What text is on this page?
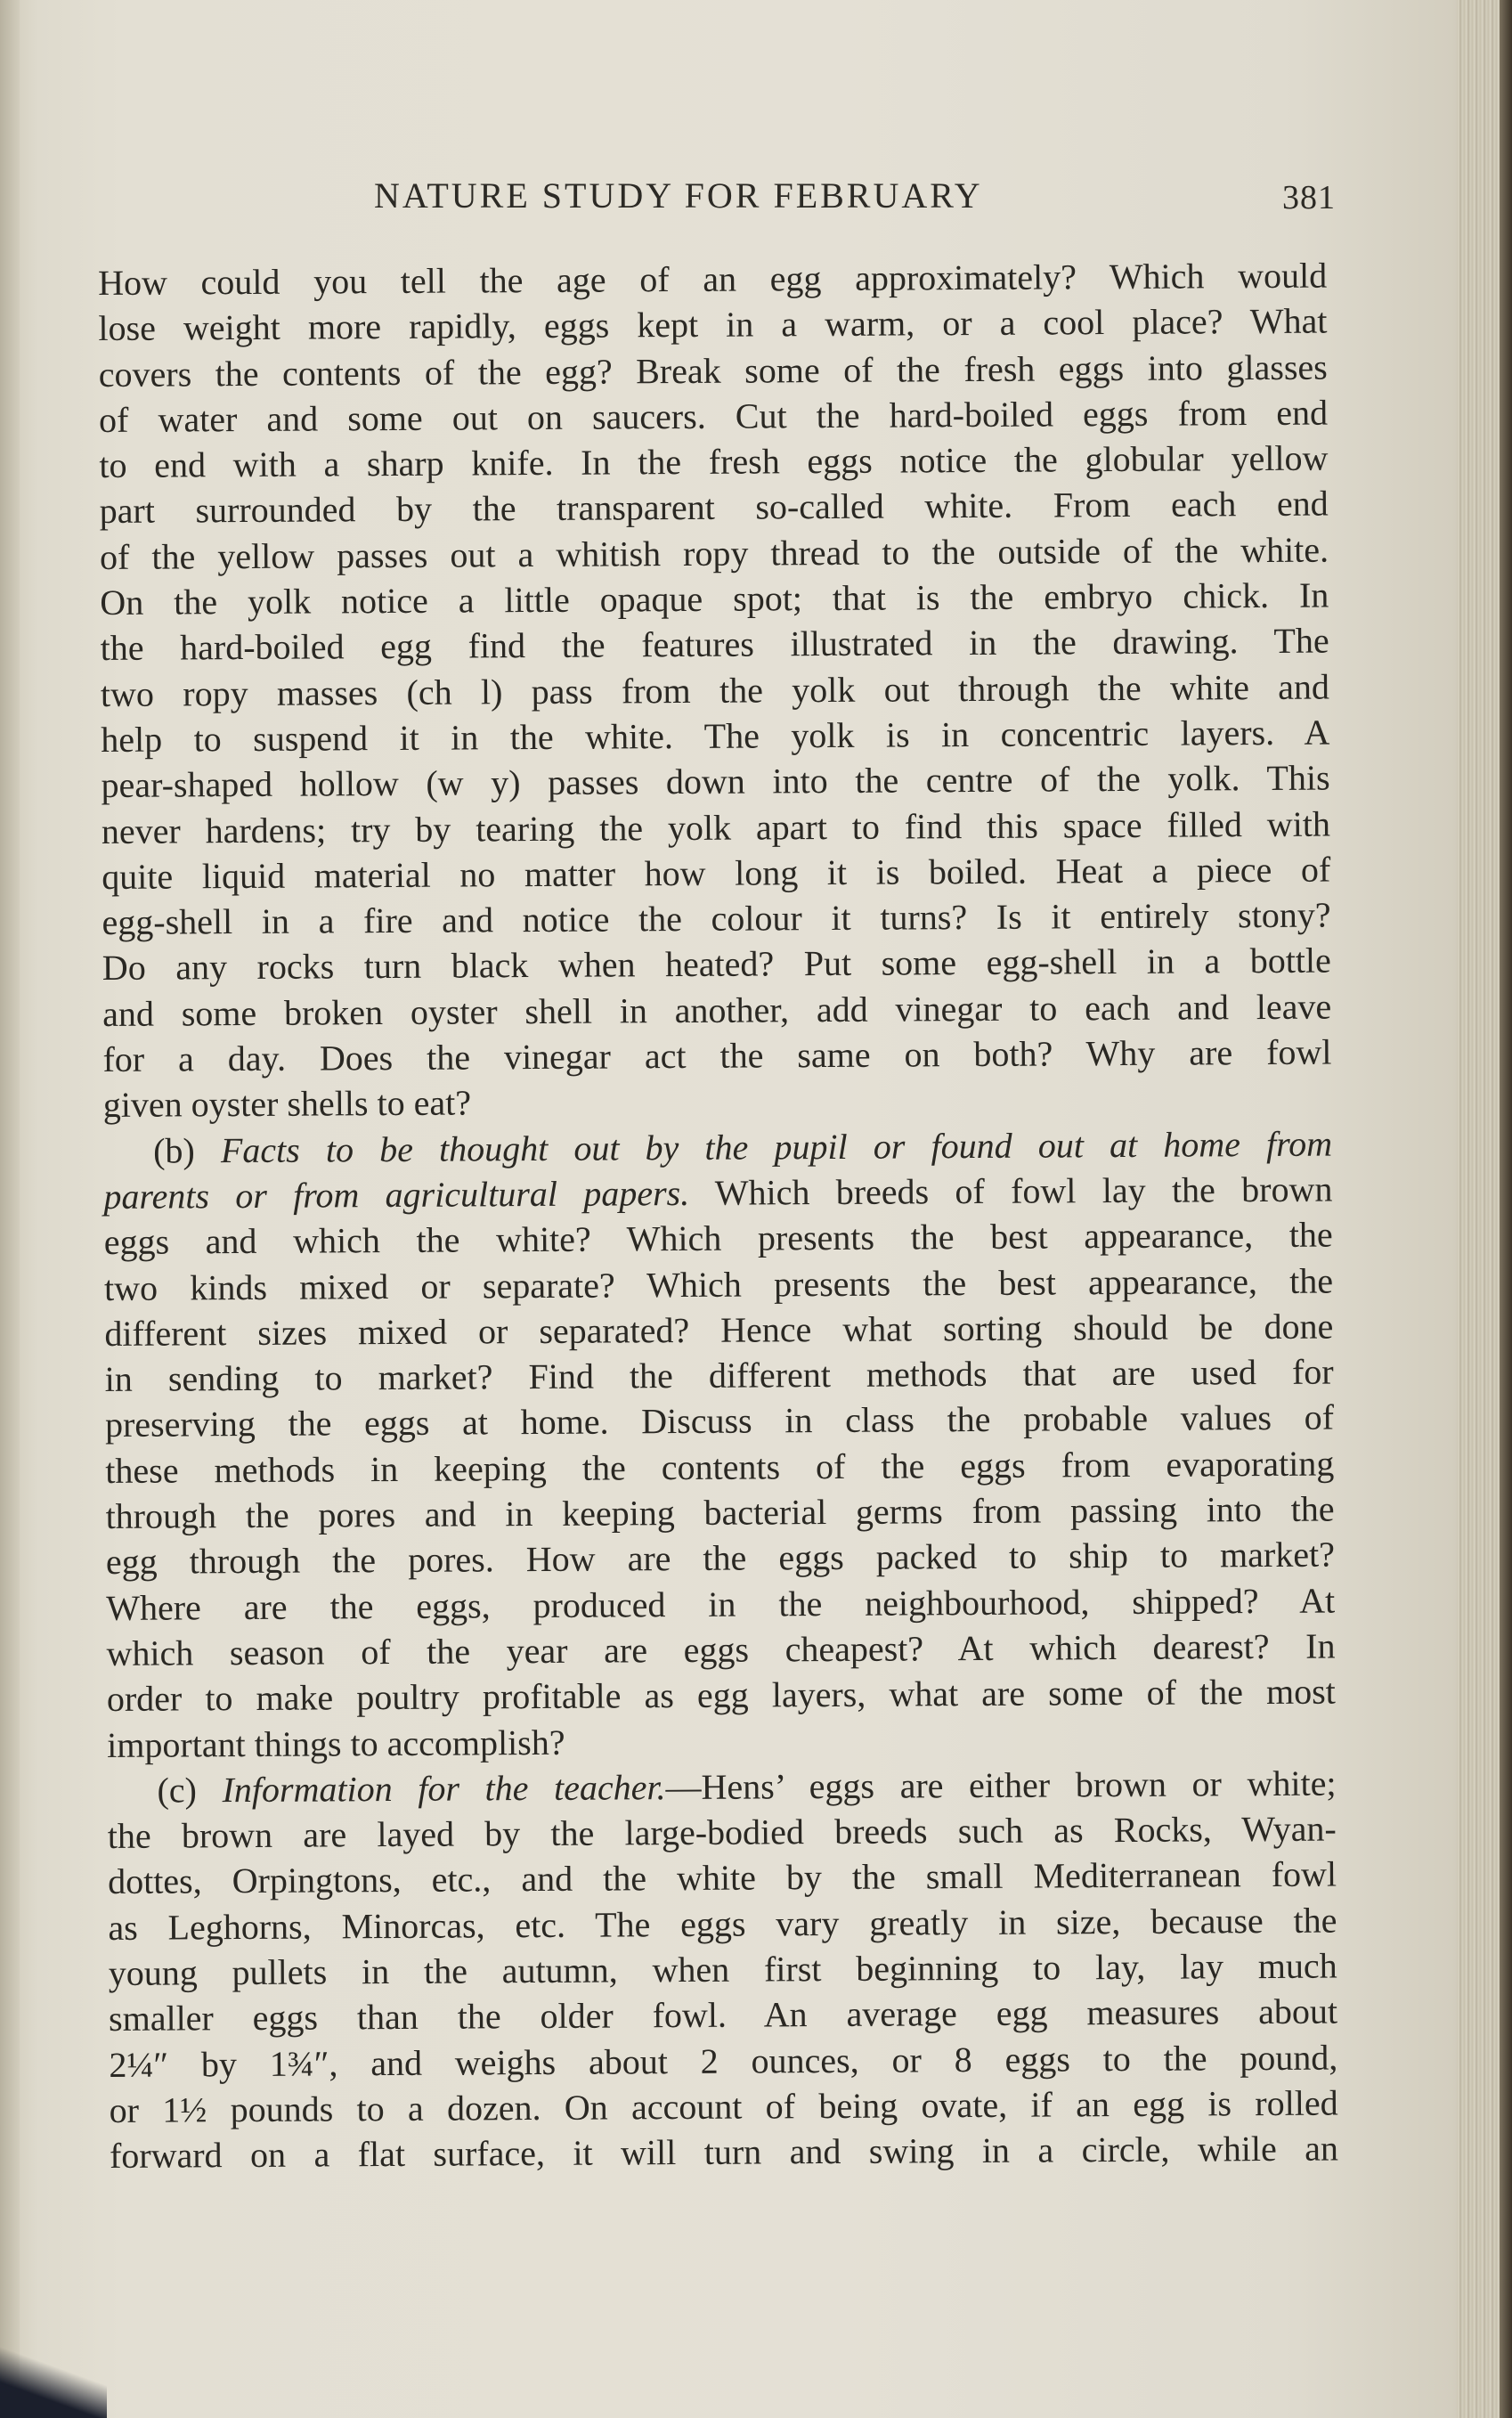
NATURE STUDY FOR FEBRUARY	381
How could you tell the age of an egg approximately? Which would
lose weight more rapidly, eggs kept in a warm, or a cool place? What
covers the contents of the egg? Break some of the fresh eggs into glasses
of water and some out on saucers. Cut the hard-boiled eggs from end
to end with a sharp knife. In the fresh eggs notice the globular yellow
part surrounded by the transparent so-called white. From each end
of the yellow passes out a whitish ropy thread to the outside of the white.
On the yolk notice a little opaque spot; that is the embryo chick. In
the hard-boiled egg find the features illustrated in the drawing. The
two ropy masses (ch l) pass from the yolk out through the white and
help to suspend it in the white. The yolk is in concentric layers. A
pear-shaped hollow (w y) passes down into the centre of the yolk. This
never hardens; try by tearing the yolk apart to find this space filled with
quite liquid material no matter how long it is boiled. Heat a piece of
egg-shell in a fire and notice the colour it turns? Is it entirely stony?
Do any rocks turn black when heated? Put some egg-shell in a bottle
and some broken oyster shell in another, add vinegar to each and leave
for a day. Does the vinegar act the same on both? Why are fowl
given oyster shells to eat?
(b) Facts to be thought out by the pupil or found out at home from
parents or from agricultural papers. Which breeds of fowl lay the brown
eggs and which the white? Which presents the best appearance, the
two kinds mixed or separate? Which presents the best appearance, the
different sizes mixed or separated? Hence what sorting should be done
in sending to market? Find the different methods that are used for
preserving the eggs at home. Discuss in class the probable values of
these methods in keeping the contents of the eggs from evaporating
through the pores and in keeping bacterial germs from passing into the
egg through the pores. How are the eggs packed to ship to market?
Where are the eggs, produced in the neighbourhood, shipped? At
which season of the year are eggs cheapest? At which dearest? In
order to make poultry profitable as egg layers, what are some of the most
important things to accomplish?
(c) Information for the teacher.—Hens’ eggs are either brown or white;
the brown are layed by the large-bodied breeds such as Rocks, Wyan-
dottes, Orpingtons, etc., and the white by the small Mediterranean fowl
as Leghorns, Minorcas, etc. The eggs vary greatly in size, because the
young pullets in the autumn, when first beginning to lay, lay much
smaller eggs than the older fowl. An average egg measures about
2¼″ by 1¾″, and weighs about 2 ounces, or 8 eggs to the pound,
or 1½ pounds to a dozen. On account of being ovate, if an egg is rolled
forward on a flat surface, it will turn and swing in a circle, while an
